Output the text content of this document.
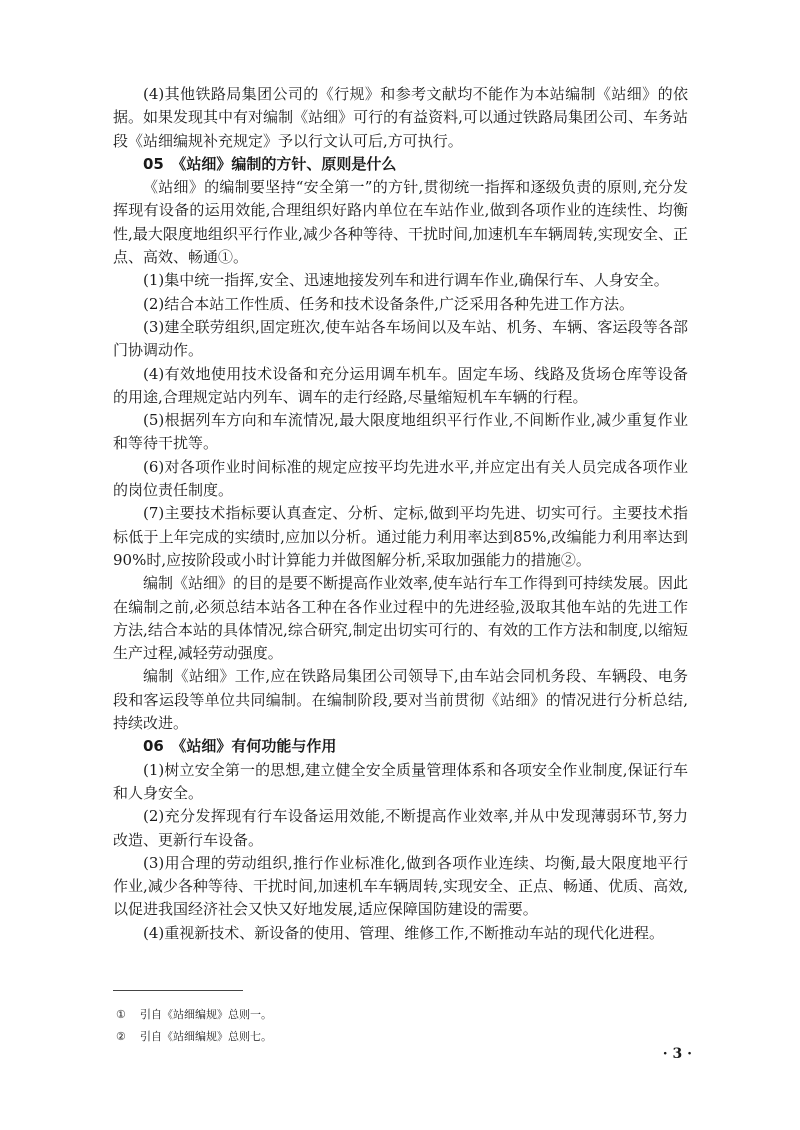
(4)其他铁路局集团公司的《行规》和参考文献均不能作为本站编制《站细》的依据。如果发现其中有对编制《站细》可行的有益资料,可以通过铁路局集团公司、车务站段《站细编规补充规定》予以行文认可后,方可执行。

05　《站细》编制的方针、原则是什么

《站细》的编制要坚持“安全第一”的方针,贯彻统一指挥和逐级负责的原则,充分发挥现有设备的运用效能,合理组织好路内单位在车站作业,做到各项作业的连续性、均衡性,最大限度地组织平行作业,减少各种等待、干扰时间,加速机车车辆周转,实现安全、正点、高效、畅通①。

(1)集中统一指挥,安全、迅速地接发列车和进行调车作业,确保行车、人身安全。

(2)结合本站工作性质、任务和技术设备条件,广泛采用各种先进工作方法。

(3)建全联劳组织,固定班次,使车站各车场间以及车站、机务、车辆、客运段等各部门协调动作。

(4)有效地使用技术设备和充分运用调车机车。固定车场、线路及货场仓库等设备的用途,合理规定站内列车、调车的走行经路,尽量缩短机车车辆的行程。

(5)根据列车方向和车流情况,最大限度地组织平行作业,不间断作业,减少重复作业和等待干扰等。

(6)对各项作业时间标准的规定应按平均先进水平,并应定出有关人员完成各项作业的岗位责任制度。

(7)主要技术指标要认真查定、分析、定标,做到平均先进、切实可行。主要技术指标低于上年完成的实绩时,应加以分析。通过能力利用率达到85%,改编能力利用率达到90%时,应按阶段或小时计算能力并做图解分析,采取加强能力的措施②。

编制《站细》的目的是要不断提高作业效率,使车站行车工作得到可持续发展。因此在编制之前,必须总结本站各工种在各作业过程中的先进经验,汲取其他车站的先进工作方法,结合本站的具体情况,综合研究,制定出切实可行的、有效的工作方法和制度,以缩短生产过程,减轻劳动强度。

编制《站细》工作,应在铁路局集团公司领导下,由车站会同机务段、车辆段、电务段和客运段等单位共同编制。在编制阶段,要对当前贯彻《站细》的情况进行分析总结,持续改进。

06　《站细》有何功能与作用

(1)树立安全第一的思想,建立健全安全质量管理体系和各项安全作业制度,保证行车和人身安全。

(2)充分发挥现有行车设备运用效能,不断提高作业效率,并从中发现薄弱环节,努力改造、更新行车设备。

(3)用合理的劳动组织,推行作业标准化,做到各项作业连续、均衡,最大限度地平行作业,减少各种等待、干扰时间,加速机车车辆周转,实现安全、正点、畅通、优质、高效,以促进我国经济社会又快又好地发展,适应保障国防建设的需要。

(4)重视新技术、新设备的使用、管理、维修工作,不断推动车站的现代化进程。

①	引自《站细编规》总则一。
②	引自《站细编规》总则七。
· 3 ·
